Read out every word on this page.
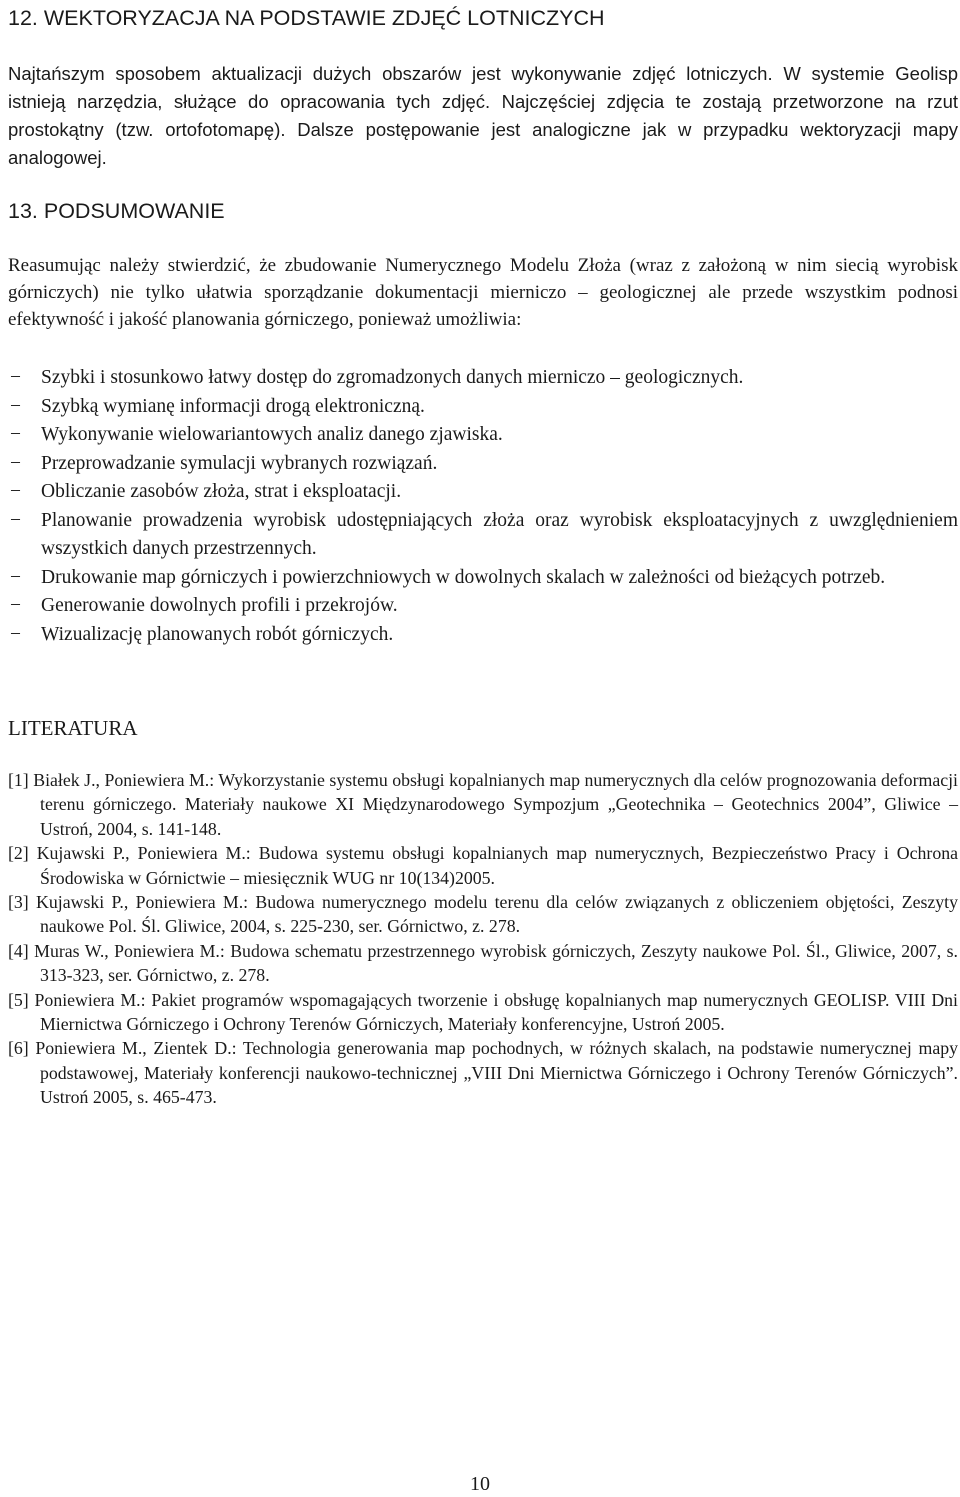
12. WEKTORYZACJA NA PODSTAWIE ZDJĘĆ LOTNICZYCH

Najtańszym sposobem aktualizacji dużych obszarów jest wykonywanie zdjęć lotniczych. W systemie Geolisp istnieją narzędzia, służące do opracowania tych zdjęć. Najczęściej zdjęcia te zostają przetworzone na rzut prostokątny (tzw. ortofotomapę). Dalsze postępowanie jest analogiczne jak w przypadku wektoryzacji mapy analogowej.

13. PODSUMOWANIE

Reasumując należy stwierdzić, że zbudowanie Numerycznego Modelu Złoża (wraz z założoną w nim siecią wyrobisk górniczych) nie tylko ułatwia sporządzanie dokumentacji mierniczo – geologicznej ale przede wszystkim podnosi efektywność i jakość planowania górniczego, ponieważ umożliwia:

− Szybki i stosunkowo łatwy dostęp do zgromadzonych danych mierniczo – geologicznych.
− Szybką wymianę informacji drogą elektroniczną.
− Wykonywanie wielowariantowych analiz danego zjawiska.
− Przeprowadzanie symulacji wybranych rozwiązań.
− Obliczanie zasobów złoża, strat i eksploatacji.
− Planowanie prowadzenia wyrobisk udostępniających złoża oraz wyrobisk eksploatacyjnych z uwzględnieniem wszystkich danych przestrzennych.
− Drukowanie map górniczych i powierzchniowych w dowolnych skalach w zależności od bieżących potrzeb.
− Generowanie dowolnych profili i przekrojów.
− Wizualizację planowanych robót górniczych.
LITERATURA
[1] Białek J., Poniewiera M.: Wykorzystanie systemu obsługi kopalnianych map numerycznych dla celów prognozowania deformacji terenu górniczego. Materiały naukowe XI Międzynarodowego Sympozjum „Geotechnika – Geotechnics 2004”, Gliwice – Ustroń, 2004, s. 141-148.
[2] Kujawski P., Poniewiera M.: Budowa systemu obsługi kopalnianych map numerycznych, Bezpieczeństwo Pracy i Ochrona Środowiska w Górnictwie – miesięcznik WUG nr 10(134)2005.
[3] Kujawski P., Poniewiera M.: Budowa numerycznego modelu terenu dla celów związanych z obliczeniem objętości, Zeszyty naukowe Pol. Śl. Gliwice, 2004, s. 225-230, ser. Górnictwo, z. 278.
[4] Muras W., Poniewiera M.: Budowa schematu przestrzennego wyrobisk górniczych, Zeszyty naukowe Pol. Śl., Gliwice, 2007, s. 313-323, ser. Górnictwo, z. 278.
[5] Poniewiera M.: Pakiet programów wspomagających tworzenie i obsługę kopalnianych map numerycznych GEOLISP. VIII Dni Miernictwa Górniczego i Ochrony Terenów Górniczych, Materiały konferencyjne, Ustroń 2005.
[6] Poniewiera M., Zientek D.: Technologia generowania map pochodnych, w różnych skalach, na podstawie numerycznej mapy podstawowej, Materiały konferencji naukowo-technicznej „VIII Dni Miernictwa Górniczego i Ochrony Terenów Górniczych”. Ustroń 2005, s. 465-473.
10
